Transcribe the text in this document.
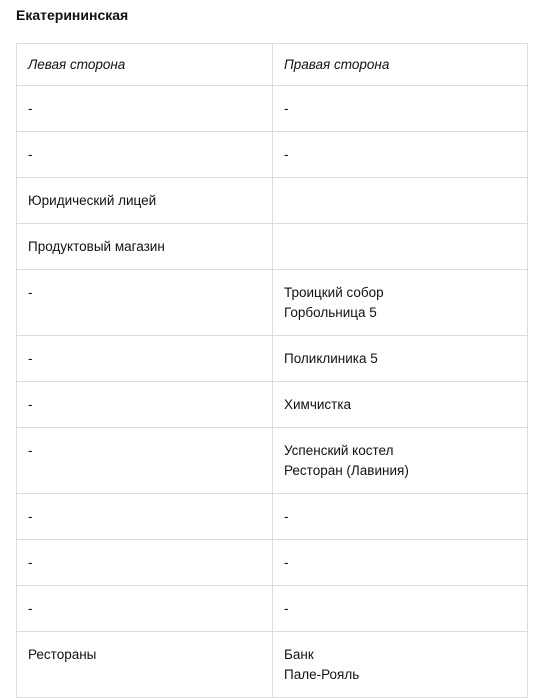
Екатерининская
Левая сторона	Правая сторона

-	-

-	-

Юридический лицей	

Продуктовый магазин	

-	Троицкий собор
Горбольница 5

-	Поликлиника 5

-	Химчистка

-	Успенский костел
Ресторан (Лавиния)

-	-

-	-

-	-

Рестораны	Банк
Пале-Рояль
